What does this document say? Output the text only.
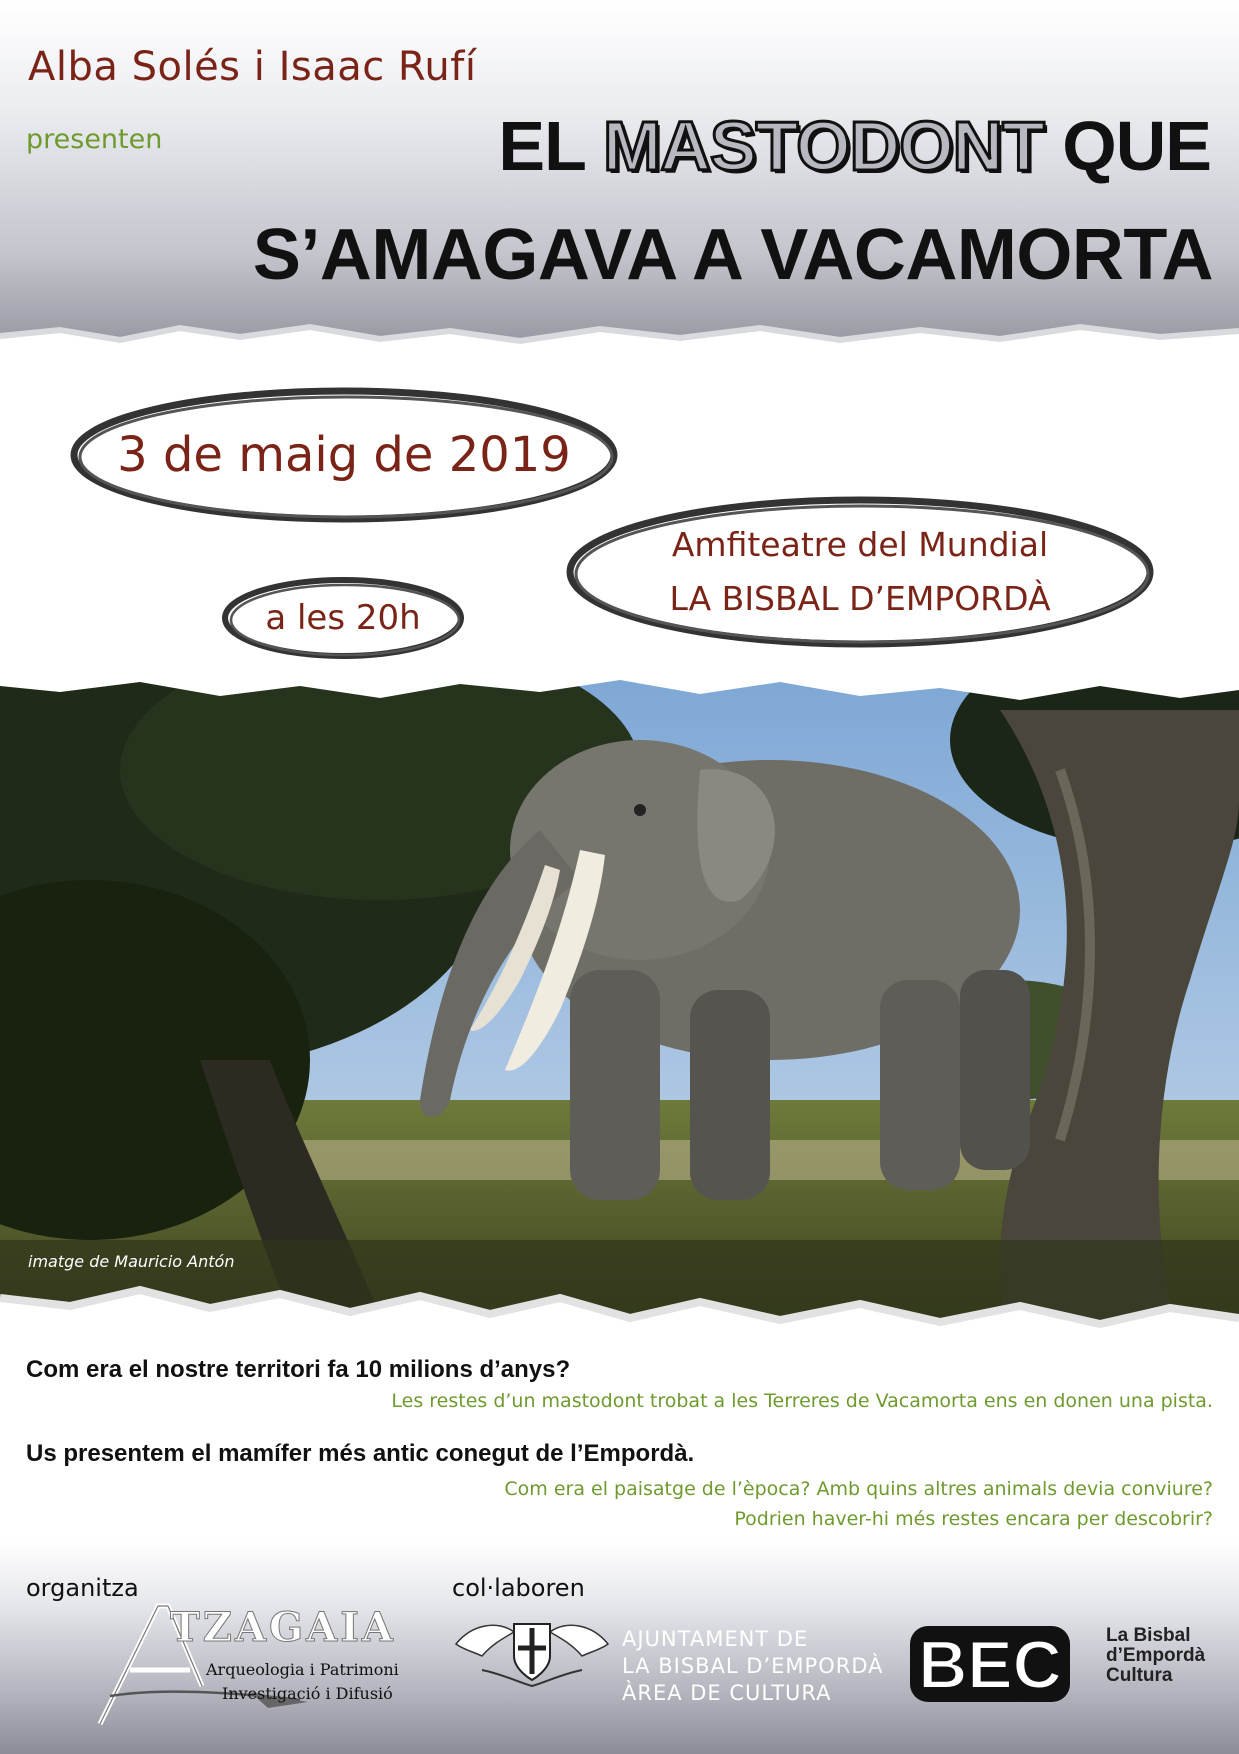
Alba Solés i Isaac Rufí
presenten	EL MASTODONT QUE
S’AMAGAVA A VACAMORTA
3 de maig de 2019
a les 20h
Amfiteatre del Mundial
LA BISBAL D’EMPORDÀ
imatge de Mauricio Antón
Com era el nostre territori fa 10 milions d’anys?
Les restes d’un mastodont trobat a les Terreres de Vacamorta ens en donen una pista.
Us presentem el mamífer més antic conegut de l’Empordà.
Com era el paisatge de l’època? Amb quins altres animals devia conviure?
Podrien haver-hi més restes encara per descobrir?
organitza	col·laboren
TZAGAIA
Arqueologia i Patrimoni
Investigació i Difusió
AJUNTAMENT DE
LA BISBAL D’EMPORDÀ
ÀREA DE CULTURA	BEC La Bisbal
d’Empordà
Cultura
